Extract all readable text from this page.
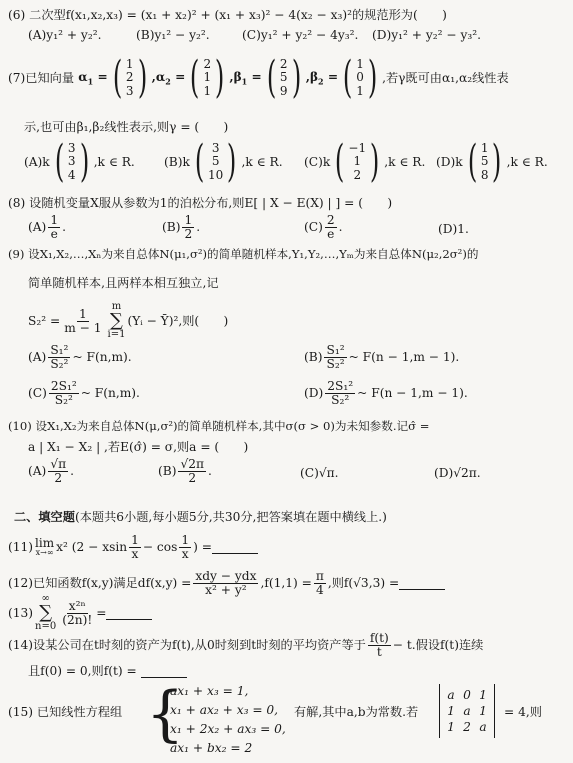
(6) 二次型f(x₁,x₂,x₃) = (x₁ + x₂)² + (x₁ + x₃)² − 4(x₂ − x₃)²的规范形为(　　)
(A)y₁² + y₂².	(B)y₁² − y₂².	(C)y₁² + y₂² − 4y₃². (D)y₁² + y₂² − y₃².
(7) 已知向量 $\alpha_1$ = ( 1
2
3 ) $,\alpha_2$ = ( 2
1
1 ) $,\beta_1$ = ( 2
5
9 ) $,\beta_2$ = ( 1
0
1 ) ,若γ既可由α₁,α₂线性表
示,也可由β₁,β₂线性表示,则γ = (　　)
(A)k ( 3
3
4 ) ,k ∈ R. (B)k ( 3
5
10 ) ,k ∈ R. (C)k ( −1
1
2 ) ,k ∈ R. (D)k ( 1
5
8 ) ,k ∈ R.
(8) 设随机变量X服从参数为1的泊松分布,则E[ | X − E(X) | ] = (　　)
$(A) \frac{1}{e}$ .	$(B) \frac{1}{2}$ .	$(C) \frac{2}{e}$ .	(D)1.
(9) 设X₁,X₂,…,Xₙ为来自总体N(μ₁,σ²)的简单随机样本,Y₁,Y₂,…,Yₘ为来自总体N(μ₂,2σ²)的
简单随机样本,且两样本相互独立,记
$S_2^2 = \frac{1}{m - 1}$
m
∑
i=1
(Yᵢ − Ȳ)²,则(　　)
$(A) \frac{\text{S₁²}}{\text{S₂²}}$ ~ F(n,m).	$(B) \frac{\text{S₁²}}{\text{S₂²}}$ ~ F(n − 1,m − 1).
$(C) \frac{\text{2S₁²}}{\text{S₂²}}$ ~ F(n,m).	$(D) \frac{\text{2S₁²}}{\text{S₂²}}$ ~ F(n − 1,m − 1).
(10) 设X₁,X₂为来自总体N(μ,σ²)的简单随机样本,其中σ(σ > 0)为未知参数.记σ̂ =
a | X₁ − X₂ | ,若E(σ̂) = σ,则a = (　　)
$(A) \frac{√\pi}{2}$ .	$(B) \frac{√2\pi}{2}$ .	(C)√π.	(D)√2π.
二、填空题(本题共6小题,每小题5分,共30分,把答案填在题中横线上.)
(11) lim
x→∞ x²
(2 − xsin $\frac{1}{x} - \cos \frac{1}{x}$ ) =
(12) 已知函数f(x,y)满足$df(x,y) = \frac{\text{xdy − ydx}}{\text{x² + y²}} ,f(1,1) = \frac{\pi}{4}$ ,则f(√3,3) =
(13)
∞
∑
n=0
$\frac{\text{x²ⁿ}}{(2n)!}$ =
(14) 设某公司在t时刻的资产为f(t),从0时刻到t时刻的平均资产等于 $\frac{f(t)}{t} - t$.假设f(t)连续
且f(0) = 0,则f(t) =
(15) 已知线性方程组 {
ax₁ + x₃ = 1,
x₁ + ax₂ + x₃ = 0,
x₁ + 2x₂ + ax₃ = 0,
ax₁ + bx₂ = 2
有解,其中a,b为常数.若
a 0 1
1 a 1
1 2 a
= 4,则
